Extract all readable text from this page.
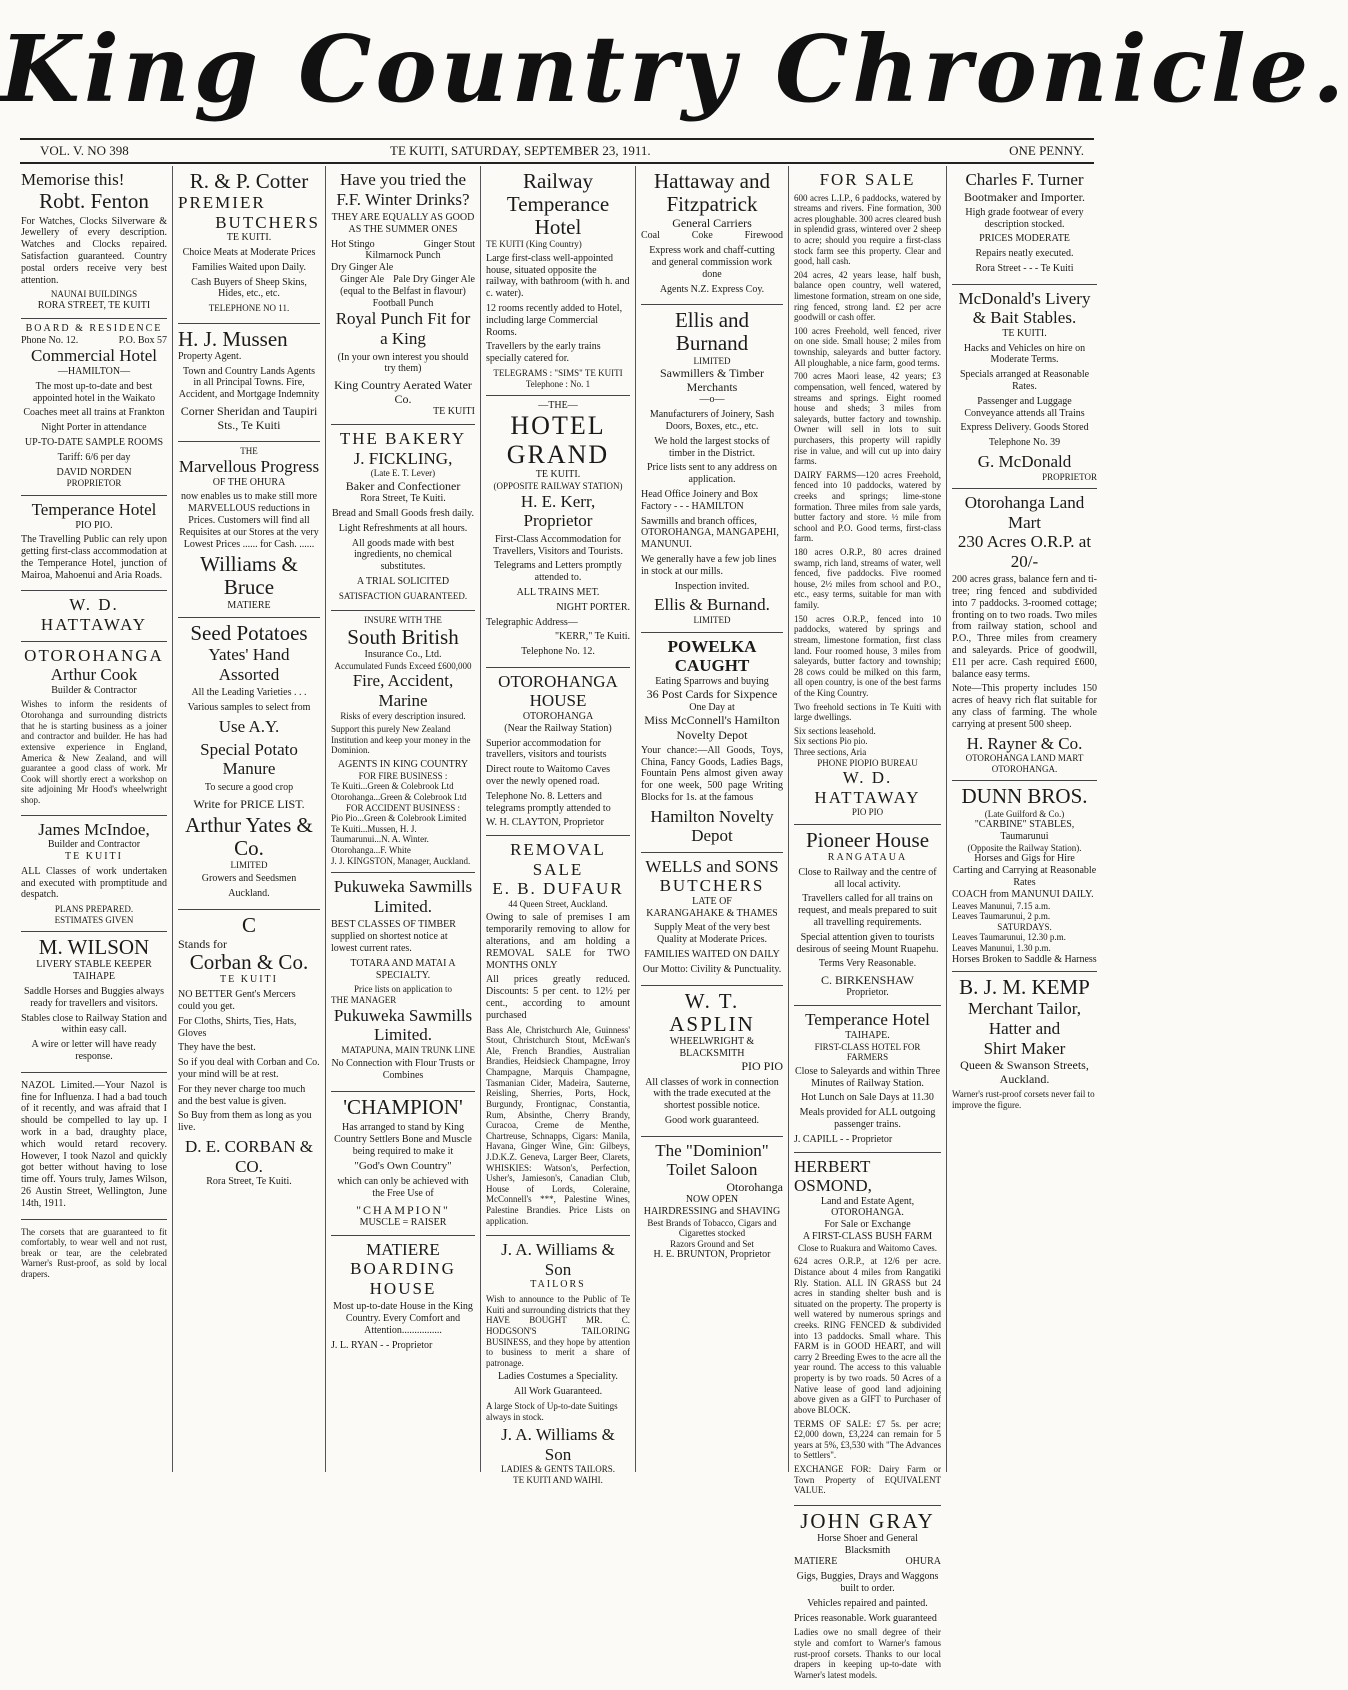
King Country Chronicle.
VOL. V. NO 398	TE KUITI, SATURDAY, SEPTEMBER 23, 1911.	ONE PENNY.
Memorise this!
Robt. Fenton

For Watches, Clocks Silverware & Jewellery of every description. Watches and Clocks repaired. Satisfaction guaranteed. Country postal orders receive very best attention.

NAUNAI BUILDINGS
RORA STREET, TE KUITI
BOARD & RESIDENCE
Phone No. 12.	P.O. Box 57
Commercial Hotel
—HAMILTON—

The most up-to-date and best appointed hotel in the Waikato

Coaches meet all trains at Frankton

Night Porter in attendance

UP-TO-DATE SAMPLE ROOMS

Tariff: 6/6 per day

DAVID NORDEN
PROPRIETOR
Temperance Hotel
PIO PIO.

The Travelling Public can rely upon getting first-class accommodation at the Temperance Hotel, junction of Mairoa, Mahoenui and Aria Roads.

W. D. HATTAWAY
OTOROHANGA
Arthur Cook
Builder & Contractor

Wishes to inform the residents of Otorohanga and surrounding districts that he is starting business as a joiner and contractor and builder. He has had extensive experience in England, America & New Zealand, and will guarantee a good class of work. Mr Cook will shortly erect a workshop on site adjoining Mr Hood's wheelwright shop.

James McIndoe,
Builder and Contractor
TE KUITI

ALL Classes of work undertaken and executed with promptitude and despatch.

PLANS PREPARED.
ESTIMATES GIVEN
M. WILSON
LIVERY STABLE KEEPER
TAIHAPE

Saddle Horses and Buggies always ready for travellers and visitors.

Stables close to Railway Station and within easy call.

A wire or letter will have ready response.

NAZOL Limited.—Your Nazol is fine for Influenza. I had a bad touch of it recently, and was afraid that I should be compelled to lay up. I work in a bad, draughty place, which would retard recovery. However, I took Nazol and quickly got better without having to lose time off. Yours truly, James Wilson, 26 Austin Street, Wellington, June 14th, 1911.

The corsets that are guaranteed to fit comfortably, to wear well and not rust, break or tear, are the celebrated Warner's Rust-proof, as sold by local drapers.

R. & P. Cotter
PREMIER
BUTCHERS
TE KUITI.

Choice Meats at Moderate Prices

Families Waited upon Daily.

Cash Buyers of Sheep Skins, Hides, etc., etc.

TELEPHONE NO 11.

H. J. Mussen
Property Agent.

Town and Country Lands Agents in all Principal Towns. Fire, Accident, and Mortgage Indemnity

Corner Sheridan and Taupiri Sts., Te Kuiti

THE
Marvellous Progress
OF THE OHURA

now enables us to make still more MARVELLOUS reductions in Prices. Customers will find all Requisites at our Stores at the very Lowest Prices ...... for Cash. ......

Williams & Bruce
MATIERE
Seed Potatoes
Yates' Hand Assorted

All the Leading Varieties . . .

Various samples to select from

Use A.Y.

Special Potato Manure

To secure a good crop

Write for PRICE LIST.

Arthur Yates & Co.
LIMITED

Growers and Seedsmen

Auckland.

C
Stands for
Corban & Co.
TE KUITI

NO BETTER Gent's Mercers could you get.

For Cloths, Shirts, Ties, Hats, Gloves

They have the best.

So if you deal with Corban and Co. your mind will be at rest.

For they never charge too much and the best value is given.

So Buy from them as long as you live.

D. E. CORBAN & CO.
Rora Street, Te Kuiti.
Have you tried the F.F. Winter Drinks?

THEY ARE EQUALLY AS GOOD AS THE SUMMER ONES

Hot Stingo	Ginger Stout
Kilmarnock Punch
Dry Ginger Ale
Pale Dry Ginger Ale
Ginger Ale (equal to the Belfast in flavour)
Football Punch
Royal Punch Fit for a King

(In your own interest you should try them)

King Country Aerated Water Co.
TE KUITI
THE BAKERY
J. FICKLING,
(Late E. T. Lever)
Baker and Confectioner
Rora Street, Te Kuiti.

Bread and Small Goods fresh daily.

Light Refreshments at all hours.

All goods made with best ingredients, no chemical substitutes.

A TRIAL SOLICITED

SATISFACTION GUARANTEED.

INSURE WITH THE
South British
Insurance Co., Ltd.
Accumulated Funds Exceed £600,000
Fire, Accident, Marine
Risks of every description insured.

Support this purely New Zealand Institution and keep your money in the Dominion.

AGENTS IN KING COUNTRY
FOR FIRE BUSINESS :
Te Kuiti...Green & Colebrook Ltd
Otorohanga...Green & Colebrook Ltd
FOR ACCIDENT BUSINESS :
Pio Pio...Green & Colebrook Limited
Te Kuiti...Mussen, H. J.
Taumarunui...N. A. Winter.
Otorohanga...F. White
J. J. KINGSTON, Manager, Auckland.
Pukuweka Sawmills Limited.

BEST CLASSES OF TIMBER supplied on shortest notice at lowest current rates.

TOTARA AND MATAI A SPECIALTY.

Price lists on application to
THE MANAGER
Pukuweka Sawmills Limited.
MATAPUNA, MAIN TRUNK LINE

No Connection with Flour Trusts or Combines

'CHAMPION'

Has arranged to stand by King Country Settlers Bone and Muscle being required to make it

"God's Own Country"

which can only be achieved with the Free Use of

"CHAMPION"
MUSCLE = RAISER
MATIERE
BOARDING HOUSE

Most up-to-date House in the King Country. Every Comfort and Attention................

J. L. RYAN - - Proprietor
Railway Temperance Hotel
TE KUITI (King Country)

Large first-class well-appointed house, situated opposite the railway, with bathroom (with h. and c. water).

12 rooms recently added to Hotel, including large Commercial Rooms.

Travellers by the early trains specially catered for.

TELEGRAMS : "SIMS" TE KUITI
Telephone : No. 1
—THE—
HOTEL GRAND
TE KUITI.
(OPPOSITE RAILWAY STATION)
H. E. Kerr, Proprietor

First-Class Accommodation for Travellers, Visitors and Tourists.

Telegrams and Letters promptly attended to.

ALL TRAINS MET.

NIGHT PORTER.

Telegraphic Address—

"KERR," Te Kuiti.

Telephone No. 12.

OTOROHANGA HOUSE
OTOROHANGA
(Near the Railway Station)

Superior accommodation for travellers, visitors and tourists

Direct route to Waitomo Caves over the newly opened road.

Telephone No. 8. Letters and telegrams promptly attended to

W. H. CLAYTON, Proprietor
REMOVAL SALE
E. B. DUFAUR
44 Queen Street, Auckland.

Owing to sale of premises I am temporarily removing to allow for alterations, and am holding a REMOVAL SALE for TWO MONTHS ONLY

All prices greatly reduced. Discounts: 5 per cent. to 12½ per cent., according to amount purchased

Bass Ale, Christchurch Ale, Guinness' Stout, Christchurch Stout, McEwan's Ale, French Brandies, Australian Brandies, Heidsieck Champagne, Irroy Champagne, Marquis Champagne, Tasmanian Cider, Madeira, Sauterne, Reisling, Sherries, Ports, Hock, Burgundy, Frontignac, Constantia, Rum, Absinthe, Cherry Brandy, Curacoa, Creme de Menthe, Chartreuse, Schnapps, Cigars: Manila, Havana, Ginger Wine, Gin: Gilbeys, J.D.K.Z. Geneva, Larger Beer, Clarets, WHISKIES: Watson's, Perfection, Usher's, Jamieson's, Canadian Club, House of Lords, Coleraine, McConnell's ***, Palestine Wines, Palestine Brandies. Price Lists on application.

J. A. Williams & Son
TAILORS

Wish to announce to the Public of Te Kuiti and surrounding districts that they HAVE BOUGHT MR. C. HODGSON'S TAILORING BUSINESS, and they hope by attention to business to merit a share of patronage.

Ladies Costumes a Speciality.

All Work Guaranteed.

A large Stock of Up-to-date Suitings always in stock.

J. A. Williams & Son
LADIES & GENTS TAILORS.
TE KUITI AND WAIHI.
Hattaway and Fitzpatrick
General Carriers
Coal	Coke	Firewood

Express work and chaff-cutting and general commission work done

Agents N.Z. Express Coy.

Ellis and Burnand
LIMITED
Sawmillers & Timber Merchants
—o—

Manufacturers of Joinery, Sash Doors, Boxes, etc., etc.

We hold the largest stocks of timber in the District.

Price lists sent to any address on application.

Head Office Joinery and Box Factory - - - HAMILTON

Sawmills and branch offices, OTOROHANGA, MANGAPEHI, MANUNUI.

We generally have a few job lines in stock at our mills.

Inspection invited.

Ellis & Burnand.
LIMITED
POWELKA CAUGHT
Eating Sparrows and buying
36 Post Cards for Sixpence
One Day at
Miss McConnell's Hamilton Novelty Depot

Your chance:—All Goods, Toys, China, Fancy Goods, Ladies Bags, Fountain Pens almost given away for one week, 500 page Writing Blocks for 1s. at the famous

Hamilton Novelty Depot
WELLS and SONS
BUTCHERS
LATE OF
KARANGAHAKE & THAMES

Supply Meat of the very best Quality at Moderate Prices.

FAMILIES WAITED ON DAILY

Our Motto: Civility & Punctuality.

W. T. ASPLIN
WHEELWRIGHT & BLACKSMITH
PIO PIO

All classes of work in connection with the trade executed at the shortest possible notice.

Good work guaranteed.

The "Dominion" Toilet Saloon
Otorohanga
NOW OPEN
HAIRDRESSING and SHAVING
Best Brands of Tobacco, Cigars and Cigarettes stocked
Razors Ground and Set
H. E. BRUNTON, Proprietor
FOR SALE

600 acres L.I.P., 6 paddocks, watered by streams and rivers. Fine formation, 300 acres ploughable. 300 acres cleared bush in splendid grass, wintered over 2 sheep to acre; should you require a first-class stock farm see this property. Clear and good, hall cash.

204 acres, 42 years lease, half bush, balance open country, well watered, limestone formation, stream on one side, ring fenced, strong land. £2 per acre goodwill or cash offer.

100 acres Freehold, well fenced, river on one side. Small house; 2 miles from township, saleyards and butter factory. All ploughable, a nice farm, good terms.

700 acres Maori lease, 42 years; £3 compensation, well fenced, watered by streams and springs. Eight roomed house and sheds; 3 miles from saleyards, butter factory and township. Owner will sell in lots to suit purchasers, this property will rapidly rise in value, and will cut up into dairy farms.

DAIRY FARMS—120 acres Freehold, fenced into 10 paddocks, watered by creeks and springs; lime-stone formation. Three miles from sale yards, butter factory and store. ½ mile from school and P.O. Good terms, first-class farm.

180 acres O.R.P., 80 acres drained swamp, rich land, streams of water, well fenced, five paddocks. Five roomed house, 2½ miles from school and P.O., etc., easy terms, suitable for man with family.

150 acres O.R.P., fenced into 10 paddocks, watered by springs and stream, limestone formation, first class land. Four roomed house, 3 miles from saleyards, butter factory and township; 28 cows could be milked on this farm, all open country, is one of the best farms of the King Country.

Two freehold sections in Te Kuiti with large dwellings.

Six sections leasehold.
Six sections Pio pio.
Three sections, Aria
PHONE PIOPIO BUREAU
W. D. HATTAWAY
PIO PIO
Pioneer House
RANGATAUA

Close to Railway and the centre of all local activity.

Travellers called for all trains on request, and meals prepared to suit all travelling requirements.

Special attention given to tourists desirous of seeing Mount Ruapehu.

Terms Very Reasonable.

C. BIRKENSHAW
Proprietor.
Temperance Hotel
TAIHAPE.
FIRST-CLASS HOTEL FOR FARMERS

Close to Saleyards and within Three Minutes of Railway Station.

Hot Lunch on Sale Days at 11.30

Meals provided for ALL outgoing passenger trains.

J. CAPILL - - Proprietor
HERBERT OSMOND,
Land and Estate Agent,
OTOROHANGA.
For Sale or Exchange
A FIRST-CLASS BUSH FARM
Close to Ruakura and Waitomo Caves.

624 acres O.R.P., at 12/6 per acre. Distance about 4 miles from Rangatiki Rly. Station. ALL IN GRASS but 24 acres in standing shelter bush and is situated on the property. The property is well watered by numerous springs and creeks. RING FENCED & subdivided into 13 paddocks. Small whare. This FARM is in GOOD HEART, and will carry 2 Breeding Ewes to the acre all the year round. The access to this valuable property is by two roads. 50 Acres of a Native lease of good land adjoining above given as a GIFT to Purchaser of above BLOCK.

TERMS OF SALE: £7 5s. per acre; £2,000 down, £3,224 can remain for 5 years at 5%, £3,530 with "The Advances to Settlers".

EXCHANGE FOR: Dairy Farm or Town Property of EQUIVALENT VALUE.

JOHN GRAY
Horse Shoer and General Blacksmith
MATIERE	OHURA

Gigs, Buggies, Drays and Waggons built to order.

Vehicles repaired and painted.

Prices reasonable. Work guaranteed

Ladies owe no small degree of their style and comfort to Warner's famous rust-proof corsets. Thanks to our local drapers in keeping up-to-date with Warner's latest models.

Charles F. Turner
Bootmaker and Importer.

High grade footwear of every description stocked.

PRICES MODERATE

Repairs neatly executed.

Rora Street - - - Te Kuiti

McDonald's Livery & Bait Stables.
TE KUITI.

Hacks and Vehicles on hire on Moderate Terms.

Specials arranged at Reasonable Rates.

Passenger and Luggage Conveyance attends all Trains

Express Delivery. Goods Stored

Telephone No. 39

G. McDonald
PROPRIETOR
Otorohanga Land Mart
230 Acres O.R.P. at 20/-

200 acres grass, balance fern and ti-tree; ring fenced and subdivided into 7 paddocks. 3-roomed cottage; fronting on to two roads. Two miles from railway station, school and P.O., Three miles from creamery and saleyards. Price of goodwill, £11 per acre. Cash required £600, balance easy terms.

Note—This property includes 150 acres of heavy rich flat suitable for any class of farming. The whole carrying at present 500 sheep.

H. Rayner & Co.
OTOROHANGA LAND MART
OTOROHANGA.
DUNN BROS.
(Late Guilford & Co.)
"CARBINE" STABLES,
Taumarunui
(Opposite the Railway Station).
Horses and Gigs for Hire
Carting and Carrying at Reasonable Rates
COACH from MANUNUI DAILY.
Leaves Manunui, 7.15 a.m.
Leaves Taumarunui, 2 p.m.
SATURDAYS.
Leaves Taumarunui, 12.30 p.m.
Leaves Manunui, 1.30 p.m.
Horses Broken to Saddle & Harness
B. J. M. KEMP
Merchant Tailor,
Hatter and
Shirt Maker
Queen & Swanson Streets, Auckland.

Warner's rust-proof corsets never fail to improve the figure.
